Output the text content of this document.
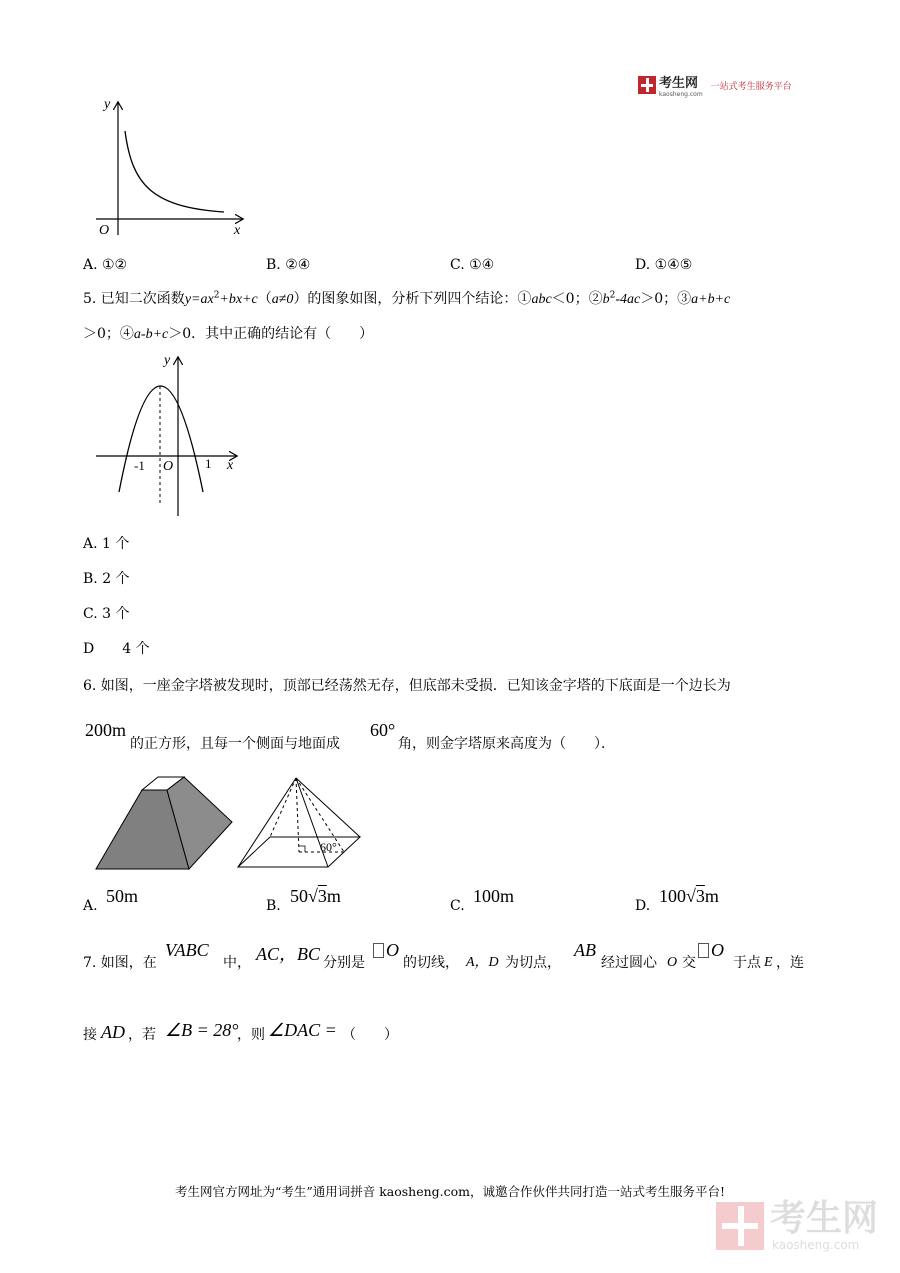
考生网
kaosheng.com
一站式考生服务平台
y
x
O
A. ①②	B. ②④	C. ①④	D. ①④⑤
5. 已知二次函数$y=ax^2+bx+c(a\ne 0)$的图象如图，分析下列四个结论：①abc＜0；$②b^2-4ac>0$；③a+b+c
＞0；④a-b+c＞0．其中正确的结论有（　　）
y
x
O
-1	1
A. 1 个
B. 2 个
C. 3 个
D　　4 个
6. 如图，一座金字塔被发现时，顶部已经荡然无存，但底部未受损．已知该金字塔的下底面是一个边长为
200m
的正方形，且每一个侧面与地面成
60°
角，则金字塔原来高度为（　　）．
60°
A. 50m	B. 50√3m	C. 100m	D. 100√3m
7. 如图，在
VABC
中， AC，BC 分别是
O
的切线， A，D 为切点，
AB
经过圆心 O 交
O
于点 E ，连
接 AD ，若 ∠B = 28°
，则 ∠DAC = （　　）
考生网官方网址为“考生”通用词拼音 kaosheng.com，诚邀合作伙伴共同打造一站式考生服务平台!
考生网
kaosheng.com
